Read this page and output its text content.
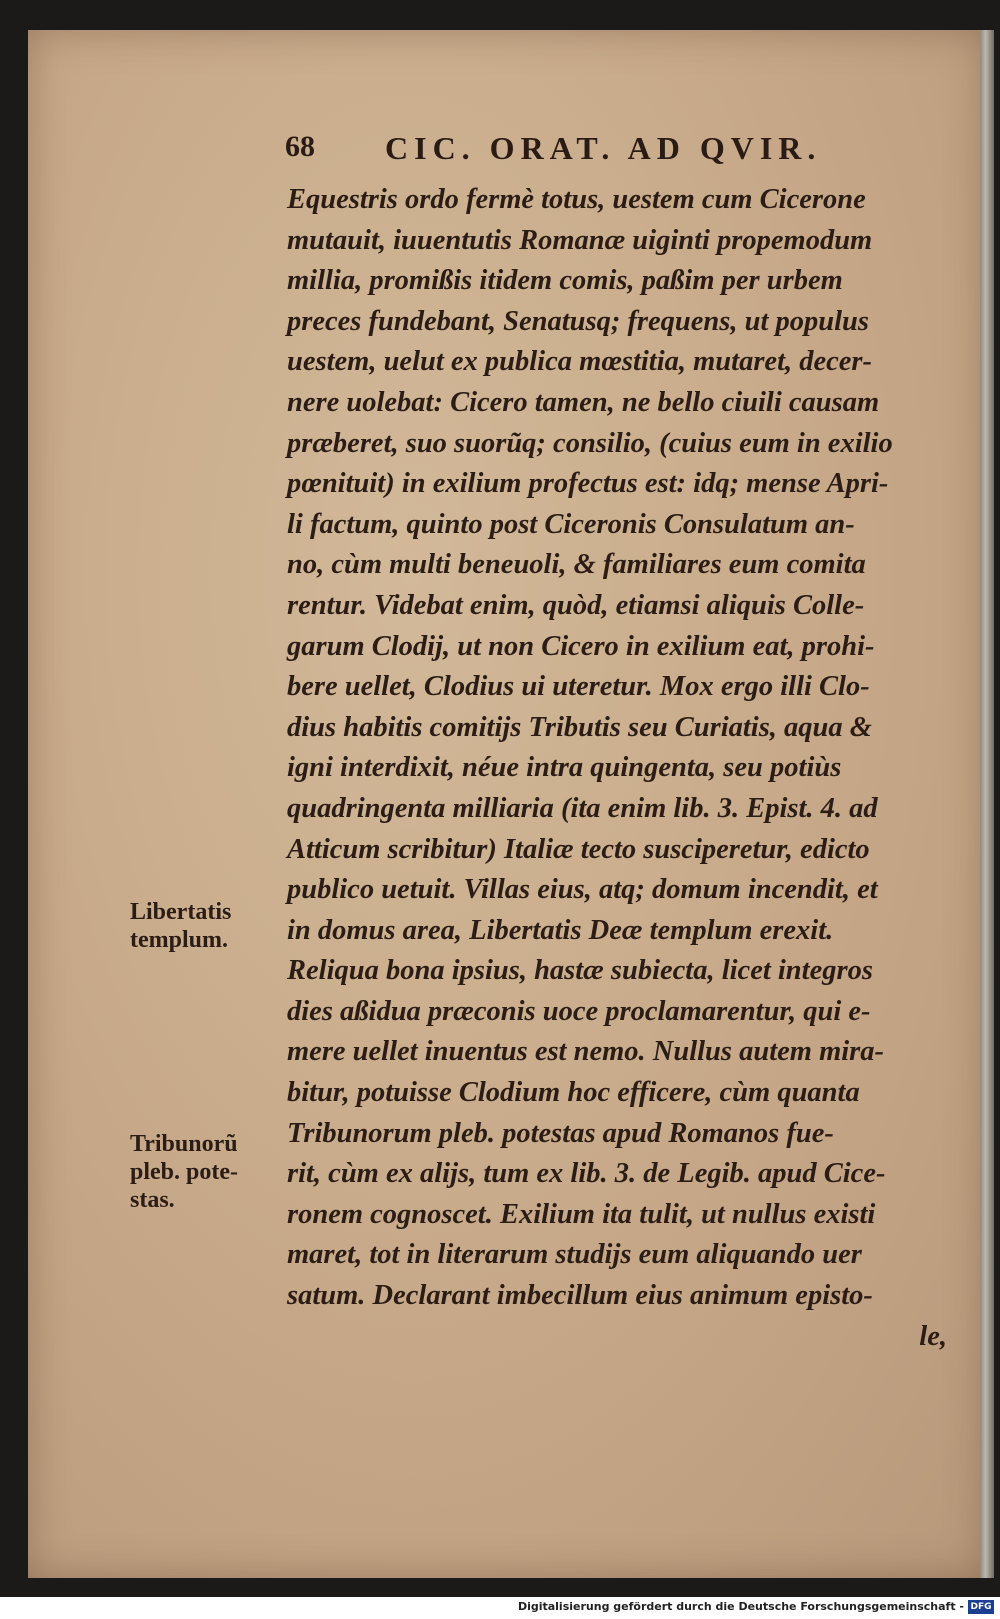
68 CIC. ORAT. AD QVIR.
Equestris ordo fermè totus, uestem cum Cicerone
mutauit, iuuentutis Romanæ uiginti propemodum
millia, promißis itidem comis, paßim per urbem
preces fundebant, Senatusq; frequens, ut populus
uestem, uelut ex publica mœstitia, mutaret, decer-
nere uolebat: Cicero tamen, ne bello ciuili causam
præberet, suo suorũq; consilio, (cuius eum in exilio
pœnituit) in exilium profectus est: idq; mense Apri-
li factum, quinto post Ciceronis Consulatum an-
no, cùm multi beneuoli, & familiares eum comita
rentur. Videbat enim, quòd, etiamsi aliquis Colle-
garum Clodij, ut non Cicero in exilium eat, prohi-
bere uellet, Clodius ui uteretur. Mox ergo illi Clo-
dius habitis comitijs Tributis seu Curiatis, aqua &
igni interdixit, néue intra quingenta, seu potiùs
quadringenta milliaria (ita enim lib. 3. Epist. 4. ad
Atticum scribitur) Italiæ tecto susciperetur, edicto
publico uetuit. Villas eius, atq; domum incendit, et
in domus area, Libertatis Deæ templum erexit.
Reliqua bona ipsius, hastæ subiecta, licet integros
dies aßidua præconis uoce proclamarentur, qui e-
mere uellet inuentus est nemo. Nullus autem mira-
bitur, potuisse Clodium hoc efficere, cùm quanta
Tribunorum pleb. potestas apud Romanos fue-
rit, cùm ex alijs, tum ex lib. 3. de Legib. apud Cice-
ronem cognoscet. Exilium ita tulit, ut nullus existi
maret, tot in literarum studijs eum aliquando uer
satum. Declarant imbecillum eius animum episto-
le,
Libertatis
templum.
Tribunorũ
pleb. pote-
stas.
Digitalisierung gefördert durch die Deutsche Forschungsgemeinschaft - DFG
